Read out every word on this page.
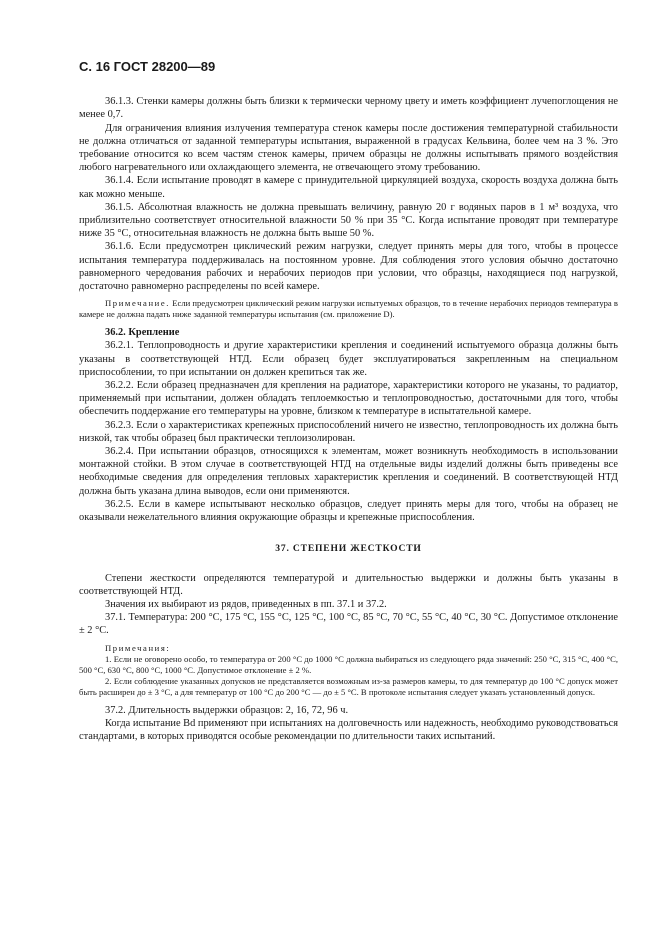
С. 16 ГОСТ 28200—89

36.1.3. Стенки камеры должны быть близки к термически черному цвету и иметь коэффициент лучепоглощения не менее 0,7.

Для ограничения влияния излучения температура стенок камеры после достижения температурной стабильности не должна отличаться от заданной температуры испытания, выраженной в градусах Кельвина, более чем на 3 %. Это требование относится ко всем частям стенок камеры, причем образцы не должны испытывать прямого воздействия любого нагревательного или охлаждающего элемента, не отвечающего этому требованию.

36.1.4. Если испытание проводят в камере с принудительной циркуляцией воздуха, скорость воздуха должна быть как можно меньше.

36.1.5. Абсолютная влажность не должна превышать величину, равную 20 г водяных паров в 1 м³ воздуха, что приблизительно соответствует относительной влажности 50 % при 35 °С. Когда испытание проводят при температуре ниже 35 °С, относительная влажность не должна быть выше 50 %.

36.1.6. Если предусмотрен циклический режим нагрузки, следует принять меры для того, чтобы в процессе испытания температура поддерживалась на постоянном уровне. Для соблюдения этого условия обычно достаточно равномерного чередования рабочих и нерабочих периодов при условии, что образцы, находящиеся под нагрузкой, достаточно равномерно распределены по всей камере.

Примечание. Если предусмотрен циклический режим нагрузки испытуемых образцов, то в течение нерабочих периодов температура в камере не должна падать ниже заданной температуры испытания (см. приложение D).

36.2. Крепление

36.2.1. Теплопроводность и другие характеристики крепления и соединений испытуемого образца должны быть указаны в соответствующей НТД. Если образец будет эксплуатироваться закрепленным на специальном приспособлении, то при испытании он должен крепиться так же.

36.2.2. Если образец предназначен для крепления на радиаторе, характеристики которого не указаны, то радиатор, применяемый при испытании, должен обладать теплоемкостью и теплопроводностью, достаточными для того, чтобы обеспечить поддержание его температуры на уровне, близком к температуре в испытательной камере.

36.2.3. Если о характеристиках крепежных приспособлений ничего не известно, теплопроводность их должна быть низкой, так чтобы образец был практически теплоизолирован.

36.2.4. При испытании образцов, относящихся к элементам, может возникнуть необходимость в использовании монтажной стойки. В этом случае в соответствующей НТД на отдельные виды изделий должны быть приведены все необходимые сведения для определения тепловых характеристик крепления и соединений. В соответствующей НТД должна быть указана длина выводов, если они применяются.

36.2.5. Если в камере испытывают несколько образцов, следует принять меры для того, чтобы на образец не оказывали нежелательного влияния окружающие образцы и крепежные приспособления.

37. СТЕПЕНИ ЖЕСТКОСТИ

Степени жесткости определяются температурой и длительностью выдержки и должны быть указаны в соответствующей НТД.

Значения их выбирают из рядов, приведенных в пп. 37.1 и 37.2.

37.1. Температура: 200 °С, 175 °С, 155 °С, 125 °С, 100 °С, 85 °С, 70 °С, 55 °С, 40 °С, 30 °С. Допустимое отклонение ± 2 °С.

Примечания:

1. Если не оговорено особо, то температура от 200 °С до 1000 °С должна выбираться из следующего ряда значений: 250 °С, 315 °С, 400 °С, 500 °С, 630 °С, 800 °С, 1000 °С. Допустимое отклонение ± 2 %.

2. Если соблюдение указанных допусков не представляется возможным из-за размеров камеры, то для температур до 100 °С допуск может быть расширен до ± 3 °С, а для температур от 100 °С до 200 °С — до ± 5 °С. В протоколе испытания следует указать установленный допуск.

37.2. Длительность выдержки образцов: 2, 16, 72, 96 ч.

Когда испытание Bd применяют при испытаниях на долговечность или надежность, необходимо руководствоваться стандартами, в которых приводятся особые рекомендации по длительности таких испытаний.
